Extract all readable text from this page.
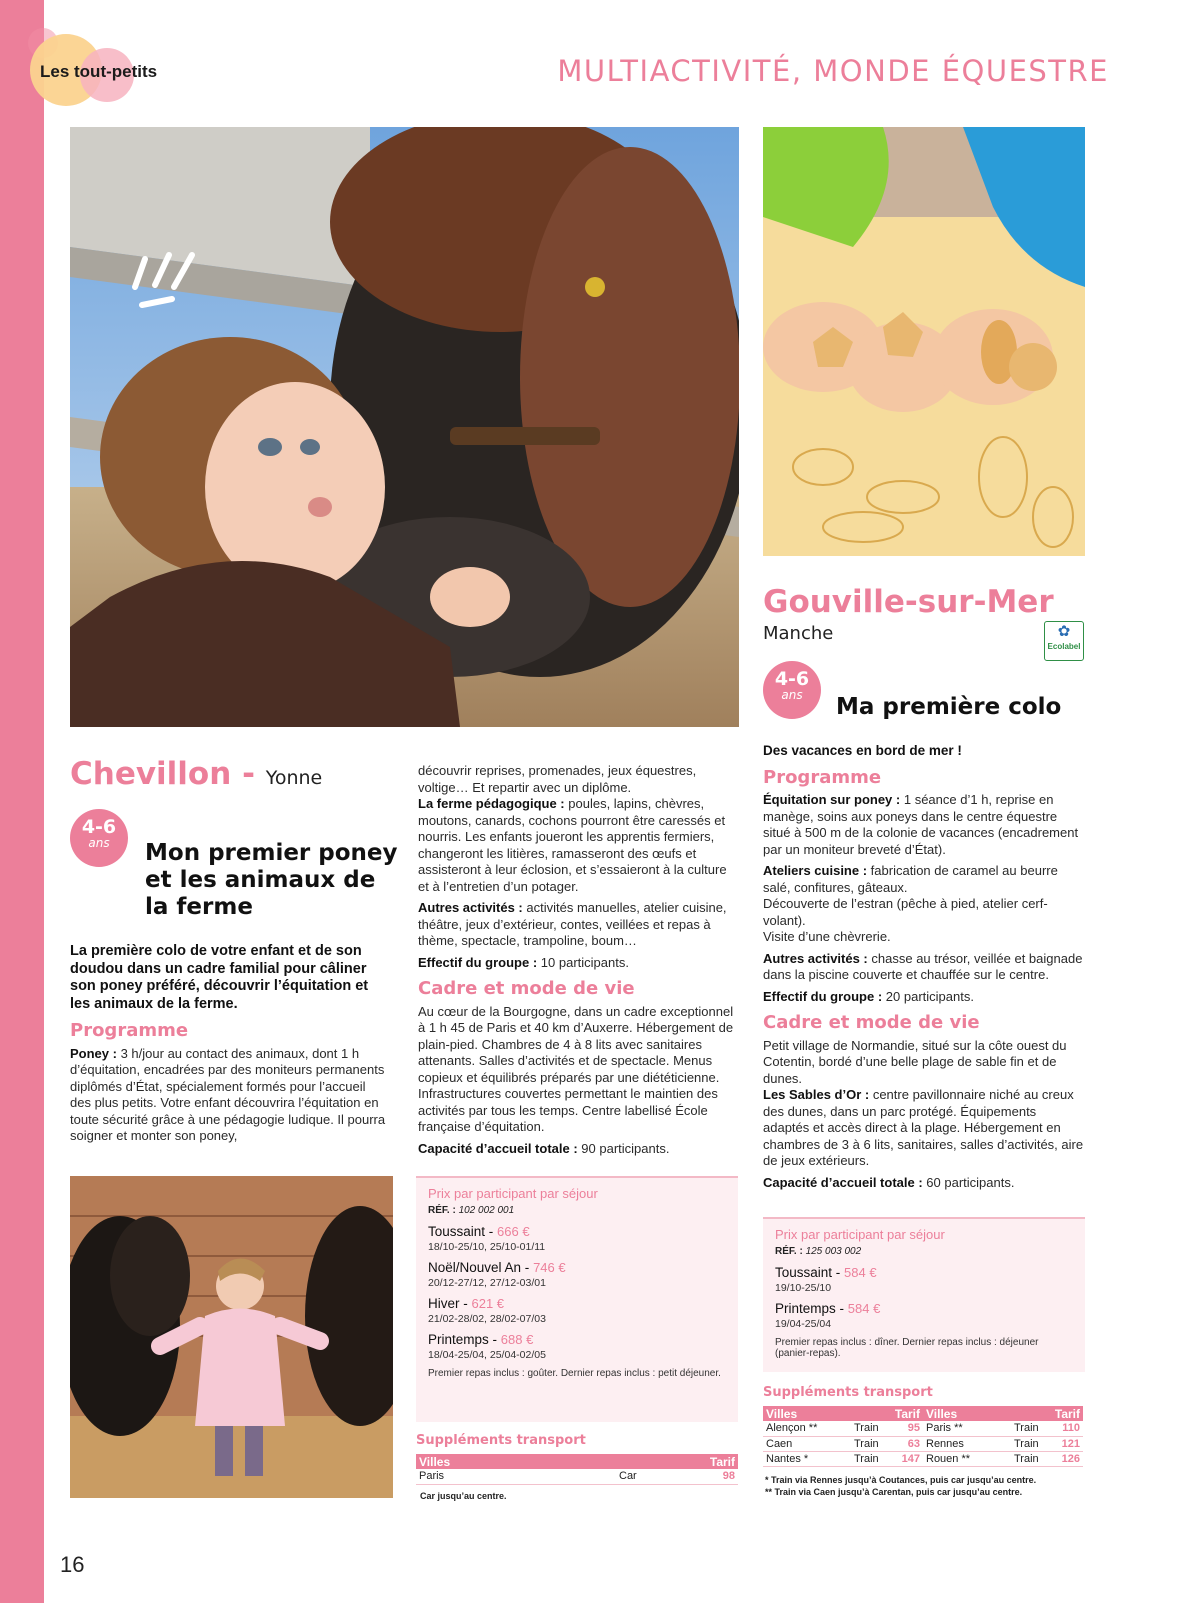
Les tout-petits	MULTIACTIVITÉ, MONDE ÉQUESTRE
Chevillon - Yonne
4-6
ans	Mon premier poney et les animaux de la ferme

La première colo de votre enfant et de son doudou dans un cadre familial pour câliner son poney préféré, découvrir l’équitation et les animaux de la ferme.

Programme

Poney : 3 h/jour au contact des animaux, dont 1 h d’équitation, encadrées par des moniteurs permanents diplômés d’État, spécialement formés pour l’accueil des plus petits. Votre enfant découvrira l’équitation en toute sécurité grâce à une pédagogie ludique. Il pourra soigner et monter son poney,

découvrir reprises, promenades, jeux équestres, voltige… Et repartir avec un diplôme.

La ferme pédagogique : poules, lapins, chèvres, moutons, canards, cochons pourront être caressés et nourris. Les enfants joueront les apprentis fermiers, changeront les litières, ramasseront des œufs et assisteront à leur éclosion, et s’essaieront à la culture et à l’entretien d’un potager.

Autres activités : activités manuelles, atelier cuisine, théâtre, jeux d’extérieur, contes, veillées et repas à thème, spectacle, trampoline, boum…

Effectif du groupe : 10 participants.

Cadre et mode de vie

Au cœur de la Bourgogne, dans un cadre exceptionnel à 1 h 45 de Paris et 40 km d’Auxerre. Hébergement de plain-pied. Chambres de 4 à 8 lits avec sanitaires attenants. Salles d’activités et de spectacle. Menus copieux et équilibrés préparés par une diététicienne. Infrastructures couvertes permettant le maintien des activités par tous les temps. Centre labellisé École française d’équitation.

Capacité d’accueil totale : 90 participants.

Prix par participant par séjour
RÉF. : 102 002 001
Toussaint - 666 €
18/10-25/10, 25/10-01/11
Noël/Nouvel An - 746 €
20/12-27/12, 27/12-03/01
Hiver - 621 €
21/02-28/02, 28/02-07/03
Printemps - 688 €
18/04-25/04, 25/04-02/05
Premier repas inclus : goûter. Dernier repas inclus : petit déjeuner.
Suppléments transport
Villes		Tarif
Paris	Car	98
Car jusqu’au centre.
Gouville-sur-Mer
Manche	✿
Ecolabel
4-6
ans	Ma première colo

Des vacances en bord de mer !

Programme

Équitation sur poney : 1 séance d’1 h, reprise en manège, soins aux poneys dans le centre équestre situé à 500 m de la colonie de vacances (encadrement par un moniteur breveté d’État).

Ateliers cuisine : fabrication de caramel au beurre salé, confitures, gâteaux.

Découverte de l’estran (pêche à pied, atelier cerf-volant).

Visite d’une chèvrerie.

Autres activités : chasse au trésor, veillée et baignade dans la piscine couverte et chauffée sur le centre.

Effectif du groupe : 20 participants.

Cadre et mode de vie

Petit village de Normandie, situé sur la côte ouest du Cotentin, bordé d’une belle plage de sable fin et de dunes.

Les Sables d’Or : centre pavillonnaire niché au creux des dunes, dans un parc protégé. Équipements adaptés et accès direct à la plage. Hébergement en chambres de 3 à 6 lits, sanitaires, salles d’activités, aire de jeux extérieurs.

Capacité d’accueil totale : 60 participants.

Prix par participant par séjour
RÉF. : 125 003 002
Toussaint - 584 €
19/10-25/10
Printemps - 584 €
19/04-25/04
Premier repas inclus : dîner. Dernier repas inclus : déjeuner (panier-repas).
Suppléments transport
Villes		Tarif	Villes		Tarif
Alençon **	Train	95	Paris **	Train	110
Caen	Train	63	Rennes	Train	121
Nantes *	Train	147	Rouen **	Train	126
* Train via Rennes jusqu’à Coutances, puis car jusqu’au centre.
** Train via Caen jusqu’à Carentan, puis car jusqu’au centre.
16
